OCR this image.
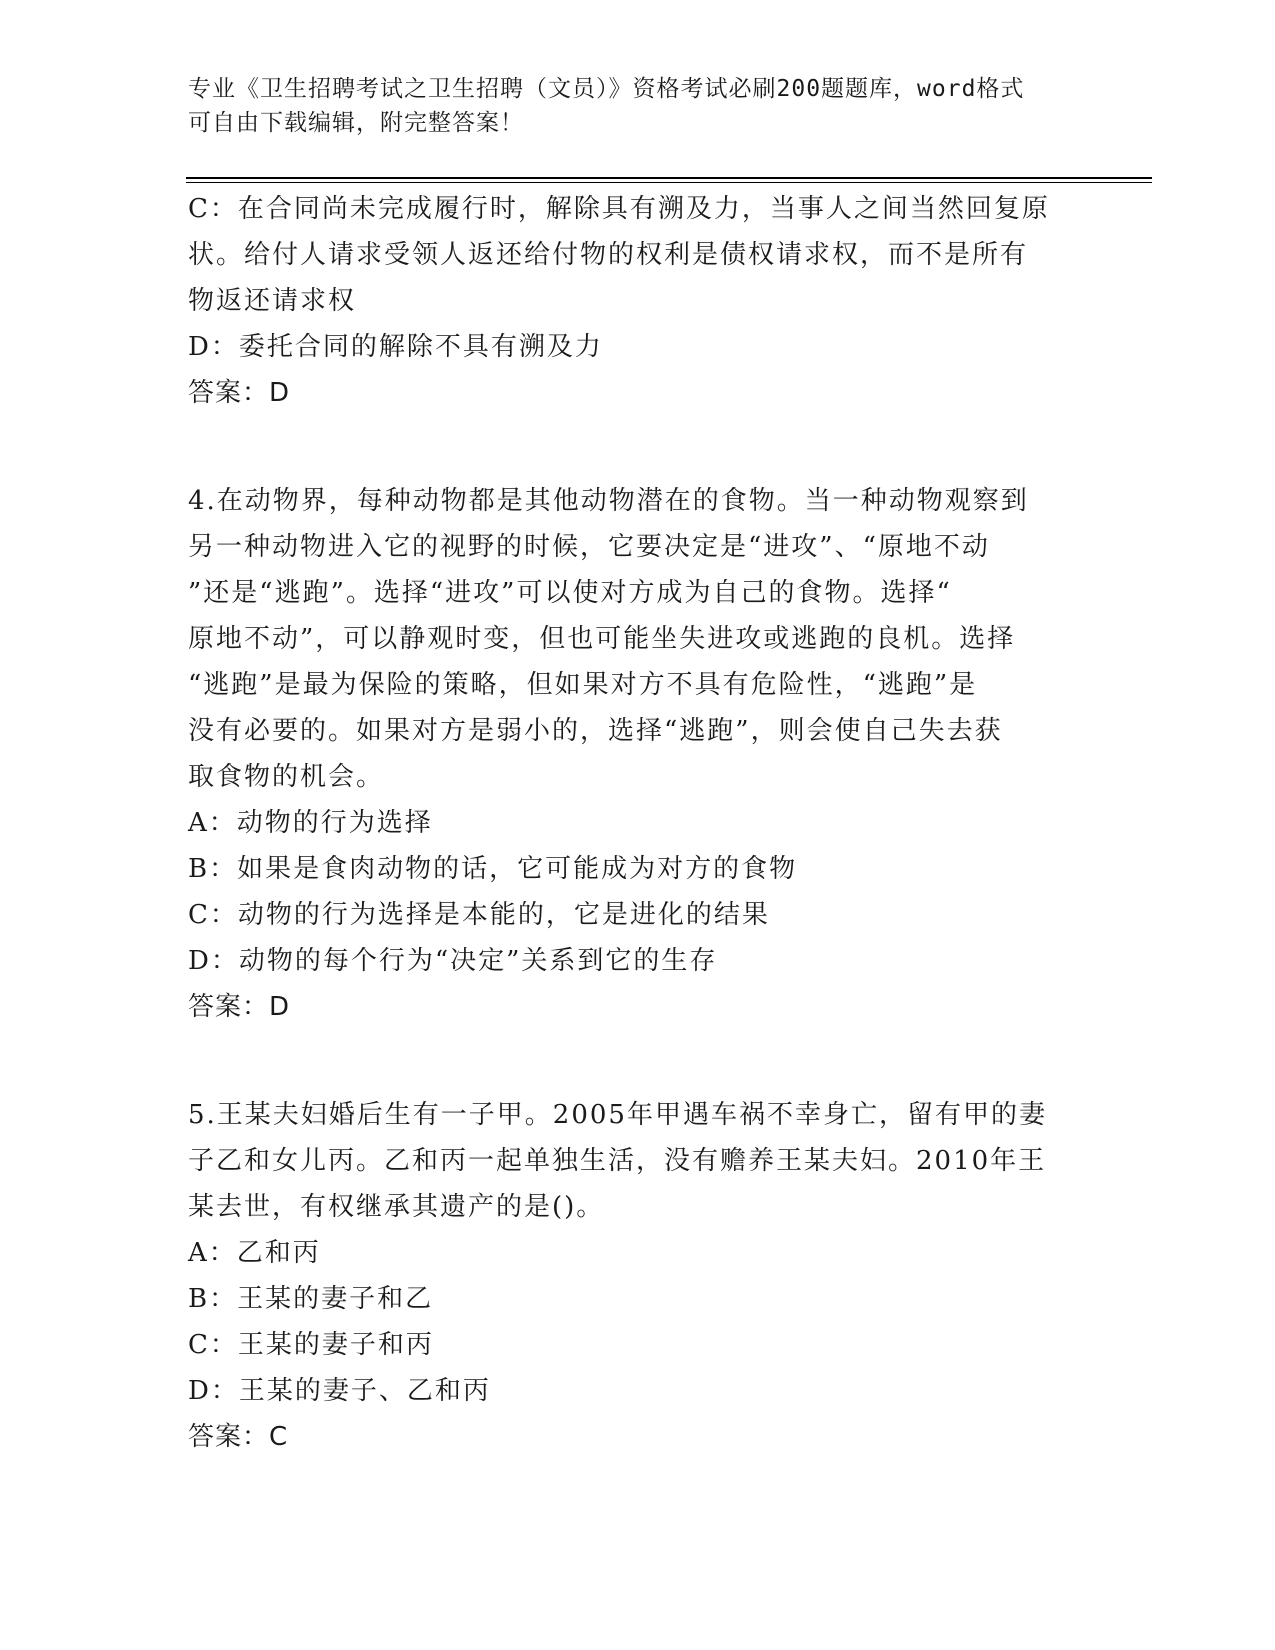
专业《卫生招聘考试之卫生招聘（文员）》资格考试必刷200题题库，word格式
可自由下载编辑，附完整答案！
C：在合同尚未完成履行时，解除具有溯及力，当事人之间当然回复原
状。给付人请求受领人返还给付物的权利是债权请求权，而不是所有
物返还请求权
D：委托合同的解除不具有溯及力
答案：D
4.在动物界，每种动物都是其他动物潜在的食物。当一种动物观察到
另一种动物进入它的视野的时候，它要决定是“进攻”、“原地不动
”还是“逃跑”。选择“进攻”可以使对方成为自己的食物。选择“
原地不动”，可以静观时变，但也可能坐失进攻或逃跑的良机。选择
“逃跑”是最为保险的策略，但如果对方不具有危险性，“逃跑”是
没有必要的。如果对方是弱小的，选择“逃跑”，则会使自己失去获
取食物的机会。
A：动物的行为选择
B：如果是食肉动物的话，它可能成为对方的食物
C：动物的行为选择是本能的，它是进化的结果
D：动物的每个行为“决定”关系到它的生存
答案：D
5.王某夫妇婚后生有一子甲。2005年甲遇车祸不幸身亡，留有甲的妻
子乙和女儿丙。乙和丙一起单独生活，没有赡养王某夫妇。2010年王
某去世，有权继承其遗产的是()。
A：乙和丙
B：王某的妻子和乙
C：王某的妻子和丙
D：王某的妻子、乙和丙
答案：C
